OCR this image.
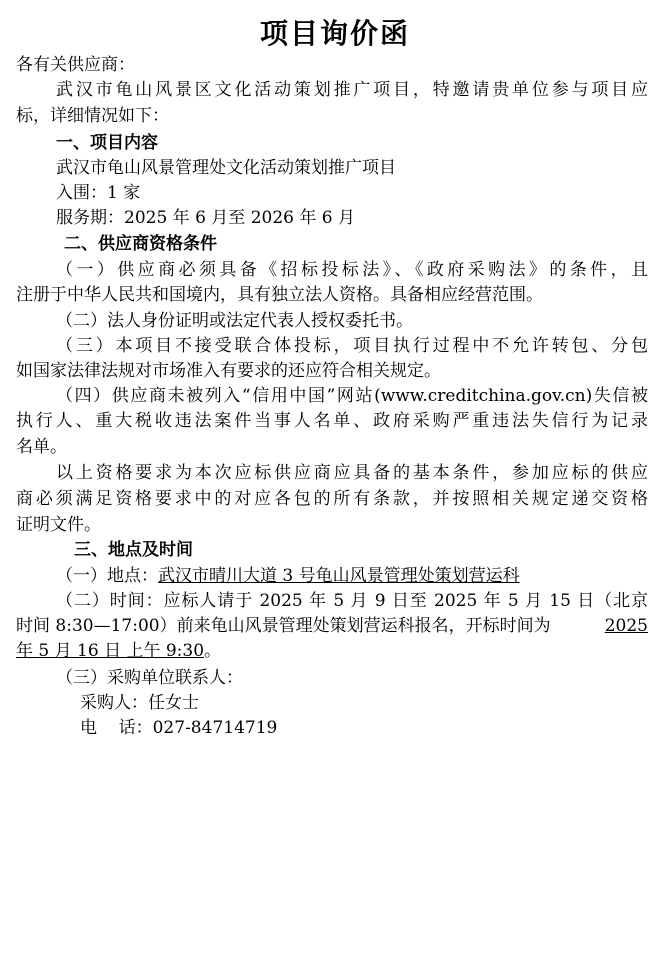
项目询价函
各有关供应商：
武汉市龟山风景区文化活动策划推广项目，特邀请贵单位参与项目应
标，详细情况如下：
一、项目内容
武汉市龟山风景管理处文化活动策划推广项目
入围：1 家
服务期：2025 年 6 月至 2026 年 6 月
二、供应商资格条件
（一）供应商必须具备《招标投标法》、《政府采购法》的条件，且
注册于中华人民共和国境内，具有独立法人资格。具备相应经营范围。
（二）法人身份证明或法定代表人授权委托书。
（三）本项目不接受联合体投标，项目执行过程中不允许转包、分包
如国家法律法规对市场准入有要求的还应符合相关规定。
（四）供应商未被列入“信用中国”网站(www.creditchina.gov.cn)失信被
执行人、重大税收违法案件当事人名单、政府采购严重违法失信行为记录
名单。
以上资格要求为本次应标供应商应具备的基本条件，参加应标的供应
商必须满足资格要求中的对应各包的所有条款，并按照相关规定递交资格
证明文件。
三、地点及时间
（一）地点：武汉市晴川大道 3 号龟山风景管理处策划营运科
（二）时间：应标人请于 2025 年 5 月 9 日至 2025 年 5 月 15 日（北京
时间 8:30—17:00）前来龟山风景管理处策划营运科报名，开标时间为	2025
年 5 月 16 日 上午 9:30。
（三）采购单位联系人：
采购人：任女士
电    话：027-84714719
